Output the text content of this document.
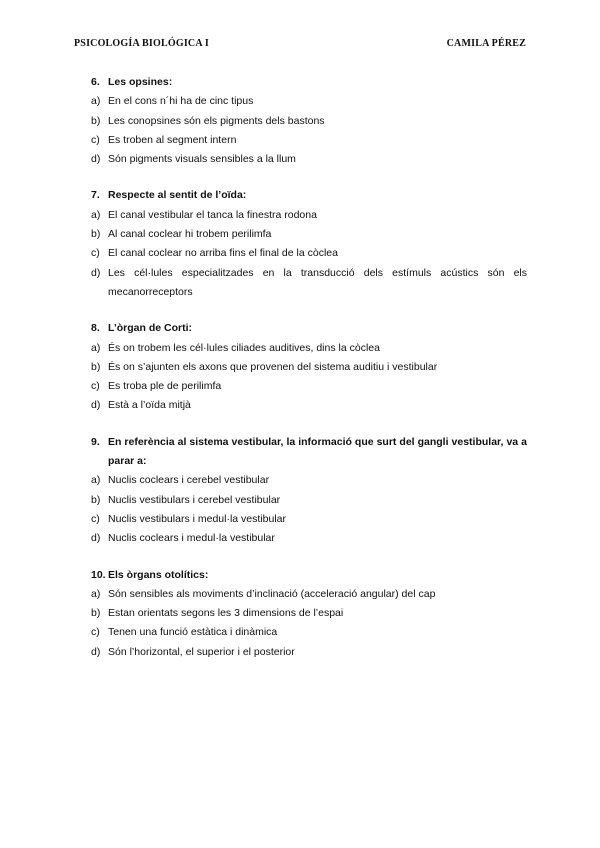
PSICOLOGÍA BIOLÓGICA I	CAMILA PÉREZ
6. Les opsines:
a) En el cons n´hi ha de cinc tipus
b) Les conopsines són els pigments dels bastons
c) Es troben al segment intern
d) Són pigments visuals sensibles a la llum
7. Respecte al sentit de l’oïda:
a) El canal vestibular el tanca la finestra rodona
b) Al canal coclear hi trobem perilimfa
c) El canal coclear no arriba fins el final de la còclea
d) Les cél·lules especialitzades en la transducció dels estímuls acústics són els mecanorreceptors
8. L’òrgan de Corti:
a) És on trobem les cél·lules ciliades auditives, dins la còclea
b) És on s’ajunten els axons que provenen del sistema auditiu i vestibular
c) Es troba ple de perilimfa
d) Està a l’oïda mitjà
9. En referència al sistema vestibular, la informació que surt del gangli vestibular, va a parar a:
a) Nuclis coclears i cerebel vestibular
b) Nuclis vestibulars i cerebel vestibular
c) Nuclis vestibulars i medul·la vestibular
d) Nuclis coclears i medul·la vestibular
10. Els òrgans otolítics:
a) Són sensibles als moviments d’inclinació (acceleració angular) del cap
b) Estan orientats segons les 3 dimensions de l’espai
c) Tenen una funció estàtica i dinàmica
d) Són l’horizontal, el superior i el posterior
